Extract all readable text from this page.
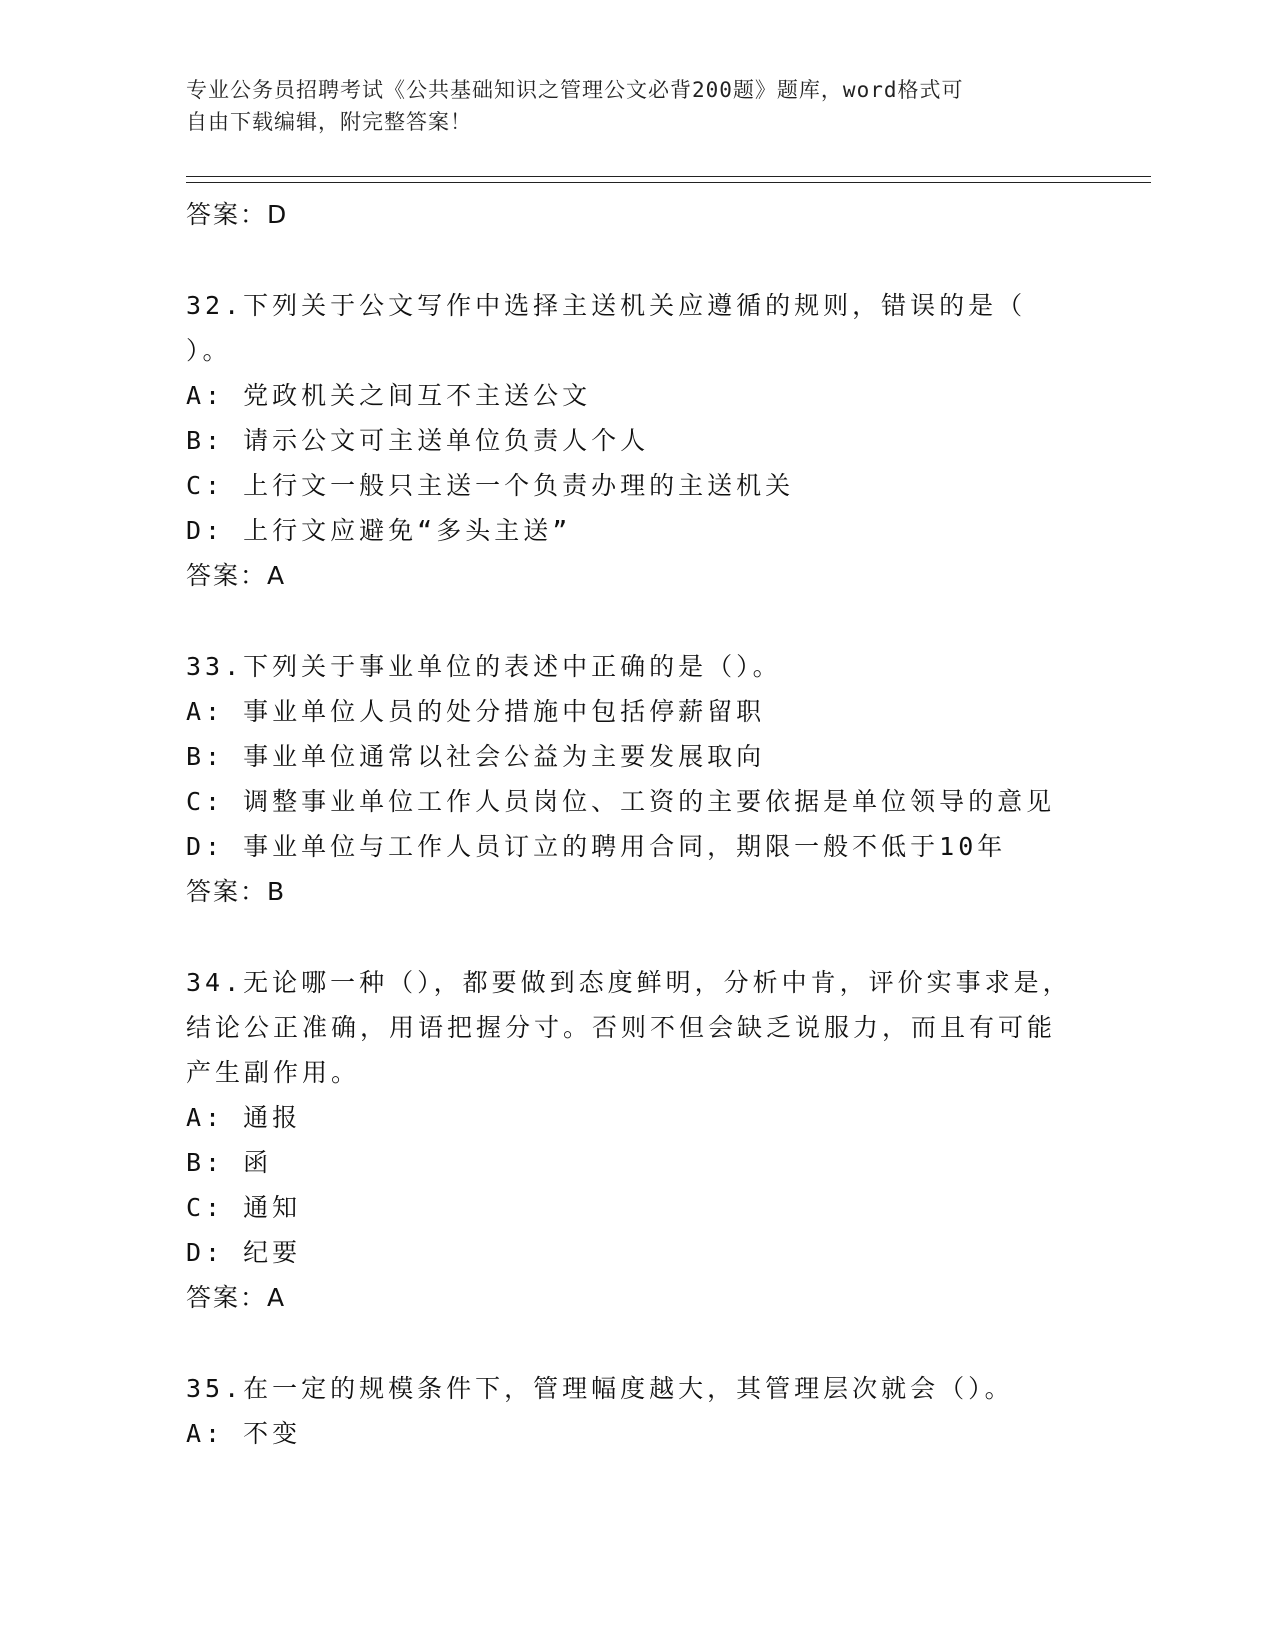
专业公务员招聘考试《公共基础知识之管理公文必背200题》题库，word格式可
自由下载编辑，附完整答案！
答案：D
32.下列关于公文写作中选择主送机关应遵循的规则，错误的是（
）。
A: 党政机关之间互不主送公文
B: 请示公文可主送单位负责人个人
C: 上行文一般只主送一个负责办理的主送机关
D: 上行文应避免“多头主送”
答案：A
33.下列关于事业单位的表述中正确的是（）。
A: 事业单位人员的处分措施中包括停薪留职
B: 事业单位通常以社会公益为主要发展取向
C: 调整事业单位工作人员岗位、工资的主要依据是单位领导的意见
D: 事业单位与工作人员订立的聘用合同，期限一般不低于10年
答案：B
34.无论哪一种（），都要做到态度鲜明，分析中肯，评价实事求是，
结论公正准确，用语把握分寸。否则不但会缺乏说服力，而且有可能
产生副作用。
A: 通报
B: 函
C: 通知
D: 纪要
答案：A
35.在一定的规模条件下，管理幅度越大，其管理层次就会（）。
A: 不变
